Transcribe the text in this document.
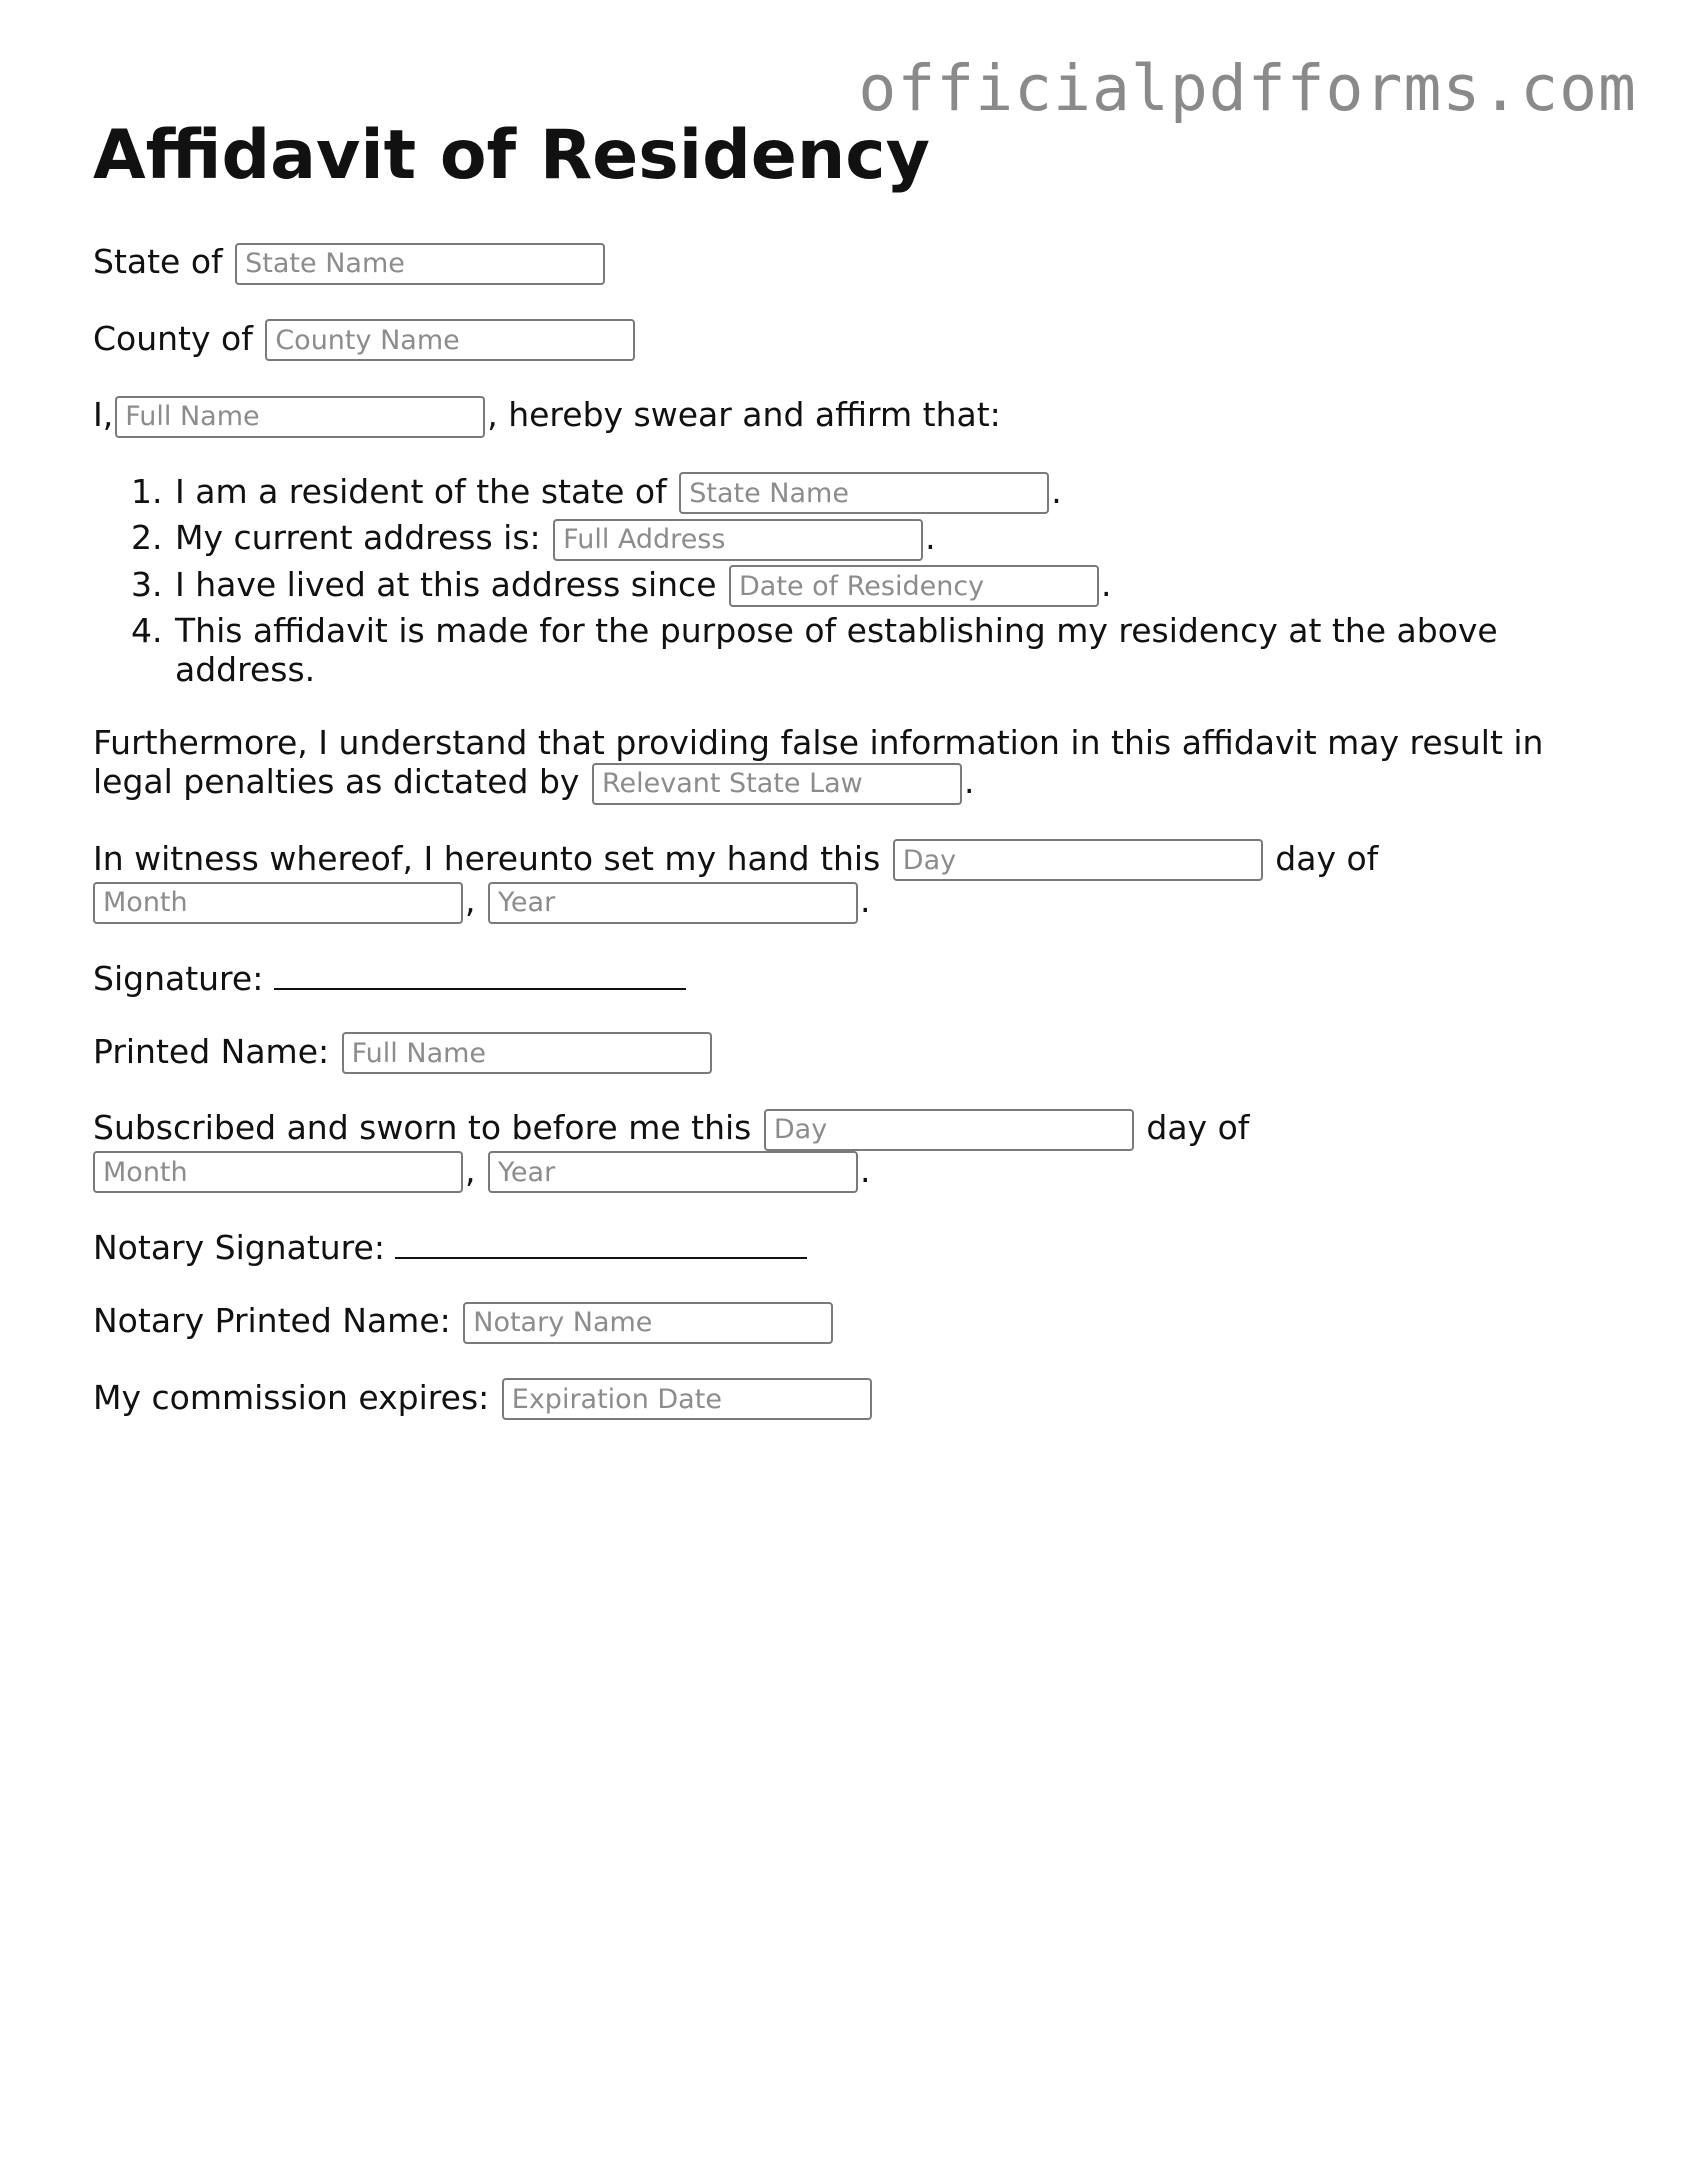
officialpdfforms.com
Affidavit of Residency

State of State Name

County of County Name

I,Full Name	, hereby swear and affirm that:

1. I am a resident of the state of State Name	.
2. My current address is: Full Address	.
3. I have lived at this address since Date of Residency	.
4. This affidavit is made for the purpose of establishing my residency at the above address.

Furthermore, I understand that providing false information in this affidavit may result in
legal penalties as dictated by Relevant State Law	.

In witness whereof, I hereunto set my hand this Day	day of
Month, Year	.

Signature:

Printed Name: Full Name

Subscribed and sworn to before me this Day	day of
Month, Year	.

Notary Signature:

Notary Printed Name: Notary Name

My commission expires: Expiration Date
